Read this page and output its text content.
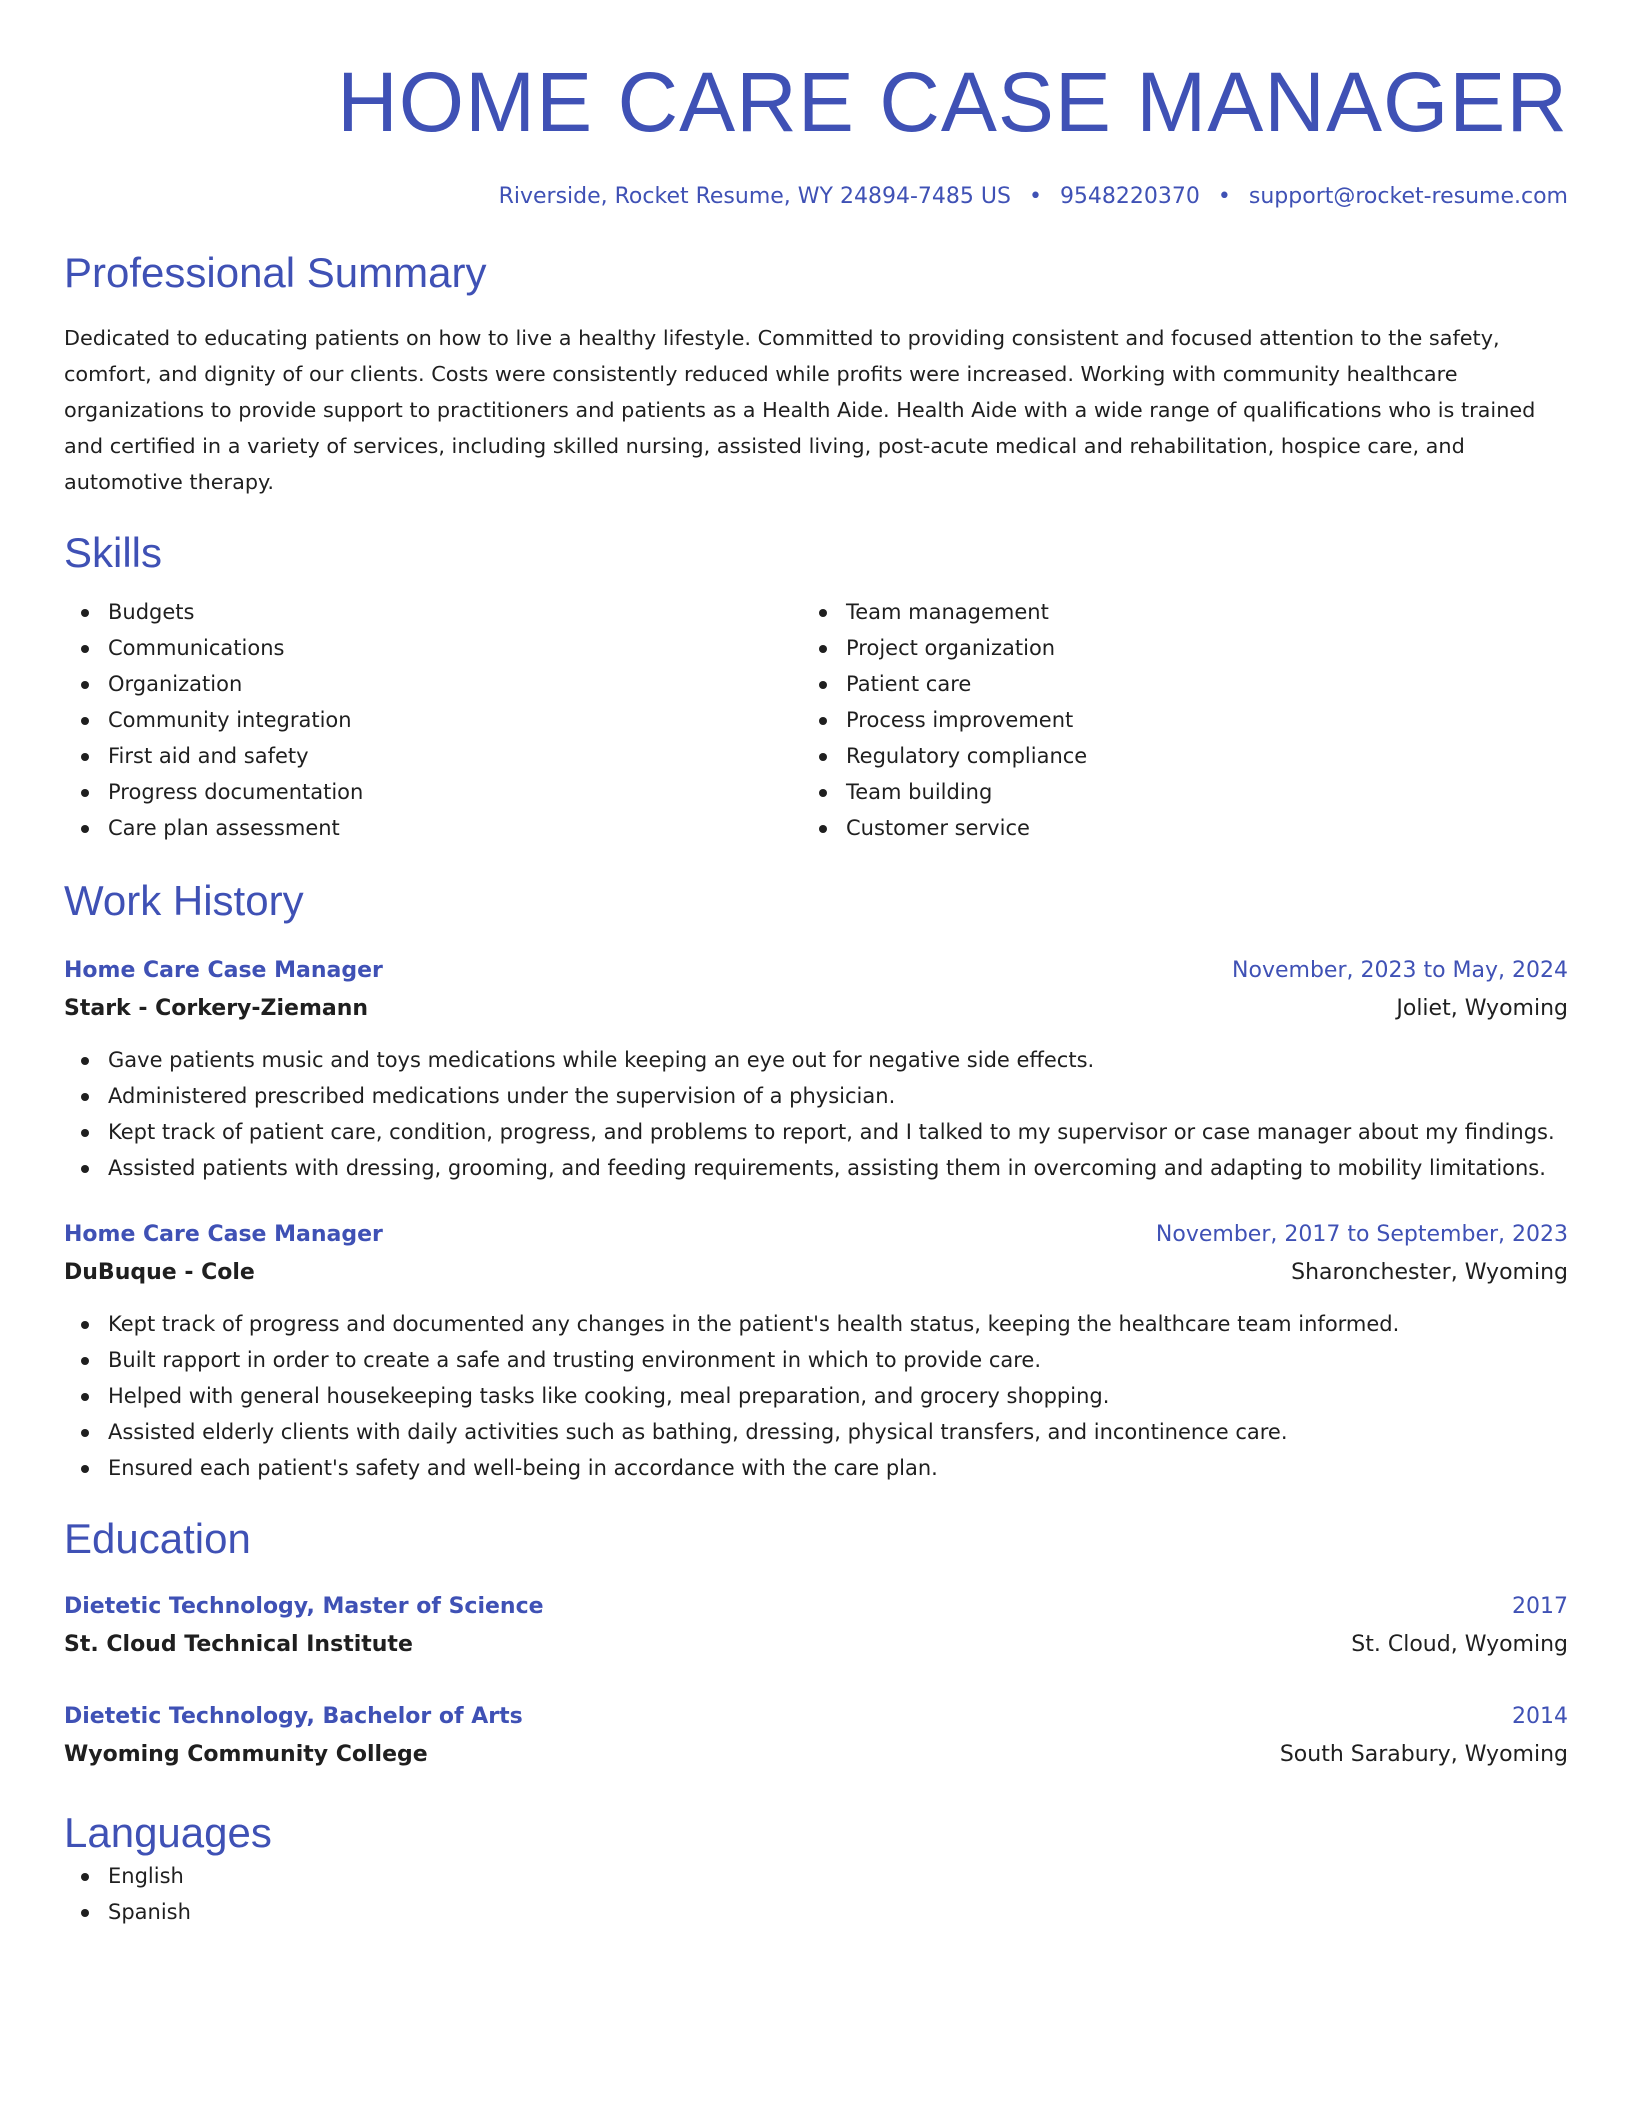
HOME CARE CASE MANAGER
Riverside, Rocket Resume, WY 24894-7485 US • 9548220370 • support@rocket-resume.com
Professional Summary

Dedicated to educating patients on how to live a healthy lifestyle. Committed to providing consistent and focused attention to the safety, comfort, and dignity of our clients. Costs were consistently reduced while profits were increased. Working with community healthcare organizations to provide support to practitioners and patients as a Health Aide. Health Aide with a wide range of qualifications who is trained and certified in a variety of services, including skilled nursing, assisted living, post-acute medical and rehabilitation, hospice care, and automotive therapy.

Skills
Budgets
Communications
Organization
Community integration
First aid and safety
Progress documentation
Care plan assessment
Team management
Project organization
Patient care
Process improvement
Regulatory compliance
Team building
Customer service
Work History
Home Care Case Manager	November, 2023 to May, 2024
Stark - Corkery-Ziemann	Joliet, Wyoming
Gave patients music and toys medications while keeping an eye out for negative side effects.
Administered prescribed medications under the supervision of a physician.
Kept track of patient care, condition, progress, and problems to report, and I talked to my supervisor or case manager about my findings.
Assisted patients with dressing, grooming, and feeding requirements, assisting them in overcoming and adapting to mobility limitations.
Home Care Case Manager	November, 2017 to September, 2023
DuBuque - Cole	Sharonchester, Wyoming
Kept track of progress and documented any changes in the patient's health status, keeping the healthcare team informed.
Built rapport in order to create a safe and trusting environment in which to provide care.
Helped with general housekeeping tasks like cooking, meal preparation, and grocery shopping.
Assisted elderly clients with daily activities such as bathing, dressing, physical transfers, and incontinence care.
Ensured each patient's safety and well-being in accordance with the care plan.
Education
Dietetic Technology, Master of Science	2017
St. Cloud Technical Institute	St. Cloud, Wyoming
Dietetic Technology, Bachelor of Arts	2014
Wyoming Community College	South Sarabury, Wyoming
Languages
English
Spanish
